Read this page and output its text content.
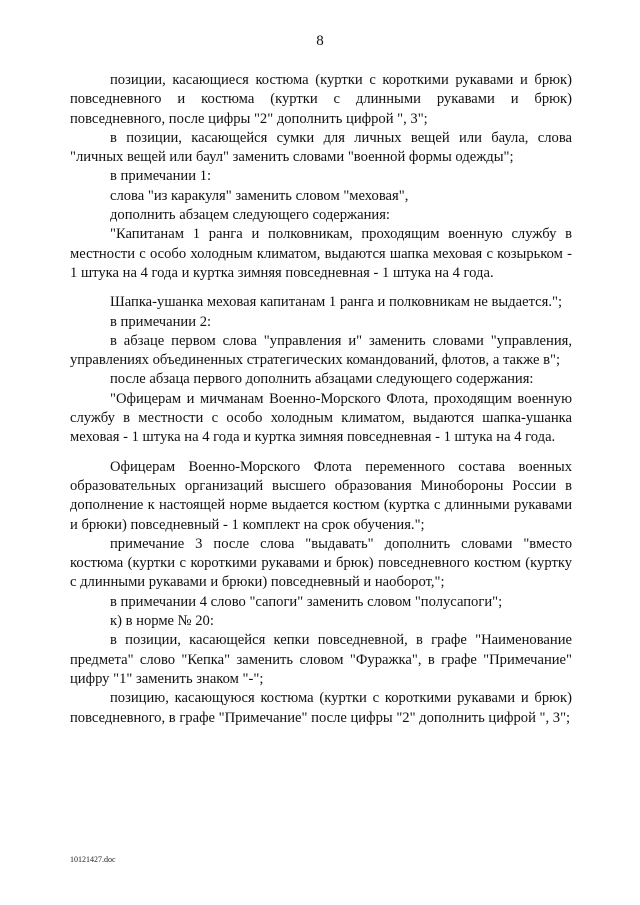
8

позиции, касающиеся костюма (куртки с короткими рукавами и брюк) повседневного и костюма (куртки с длинными рукавами и брюк) повседневного, после цифры "2" дополнить цифрой ", 3";

в позиции, касающейся сумки для личных вещей или баула, слова "личных вещей или баул" заменить словами "военной формы одежды";

в примечании 1:

слова "из каракуля" заменить словом "меховая",

дополнить абзацем следующего содержания:

"Капитанам 1 ранга и полковникам, проходящим военную службу в местности с особо холодным климатом, выдаются шапка меховая с козырьком - 1 штука на 4 года и куртка зимняя повседневная - 1 штука на 4 года.

Шапка-ушанка меховая капитанам 1 ранга и полковникам не выдается.";

в примечании 2:

в абзаце первом слова "управления и" заменить словами "управления, управлениях объединенных стратегических командований, флотов, а также в";

после абзаца первого дополнить абзацами следующего содержания:

"Офицерам и мичманам Военно-Морского Флота, проходящим военную службу в местности с особо холодным климатом, выдаются шапка-ушанка меховая - 1 штука на 4 года и куртка зимняя повседневная - 1 штука на 4 года.

Офицерам Военно-Морского Флота переменного состава военных образовательных организаций высшего образования Минобороны России в дополнение к настоящей норме выдается костюм (куртка с длинными рукавами и брюки) повседневный - 1 комплект на срок обучения.";

примечание 3 после слова "выдавать" дополнить словами "вместо костюма (куртки с короткими рукавами и брюк) повседневного костюм (куртку с длинными рукавами и брюки) повседневный и наоборот,";

в примечании 4 слово "сапоги" заменить словом "полусапоги";

к) в норме № 20:

в позиции, касающейся кепки повседневной, в графе "Наименование предмета" слово "Кепка" заменить словом "Фуражка", в графе "Примечание" цифру "1" заменить знаком "-";

позицию, касающуюся костюма (куртки с короткими рукавами и брюк) повседневного, в графе "Примечание" после цифры "2" дополнить цифрой ", 3";

10121427.doc
